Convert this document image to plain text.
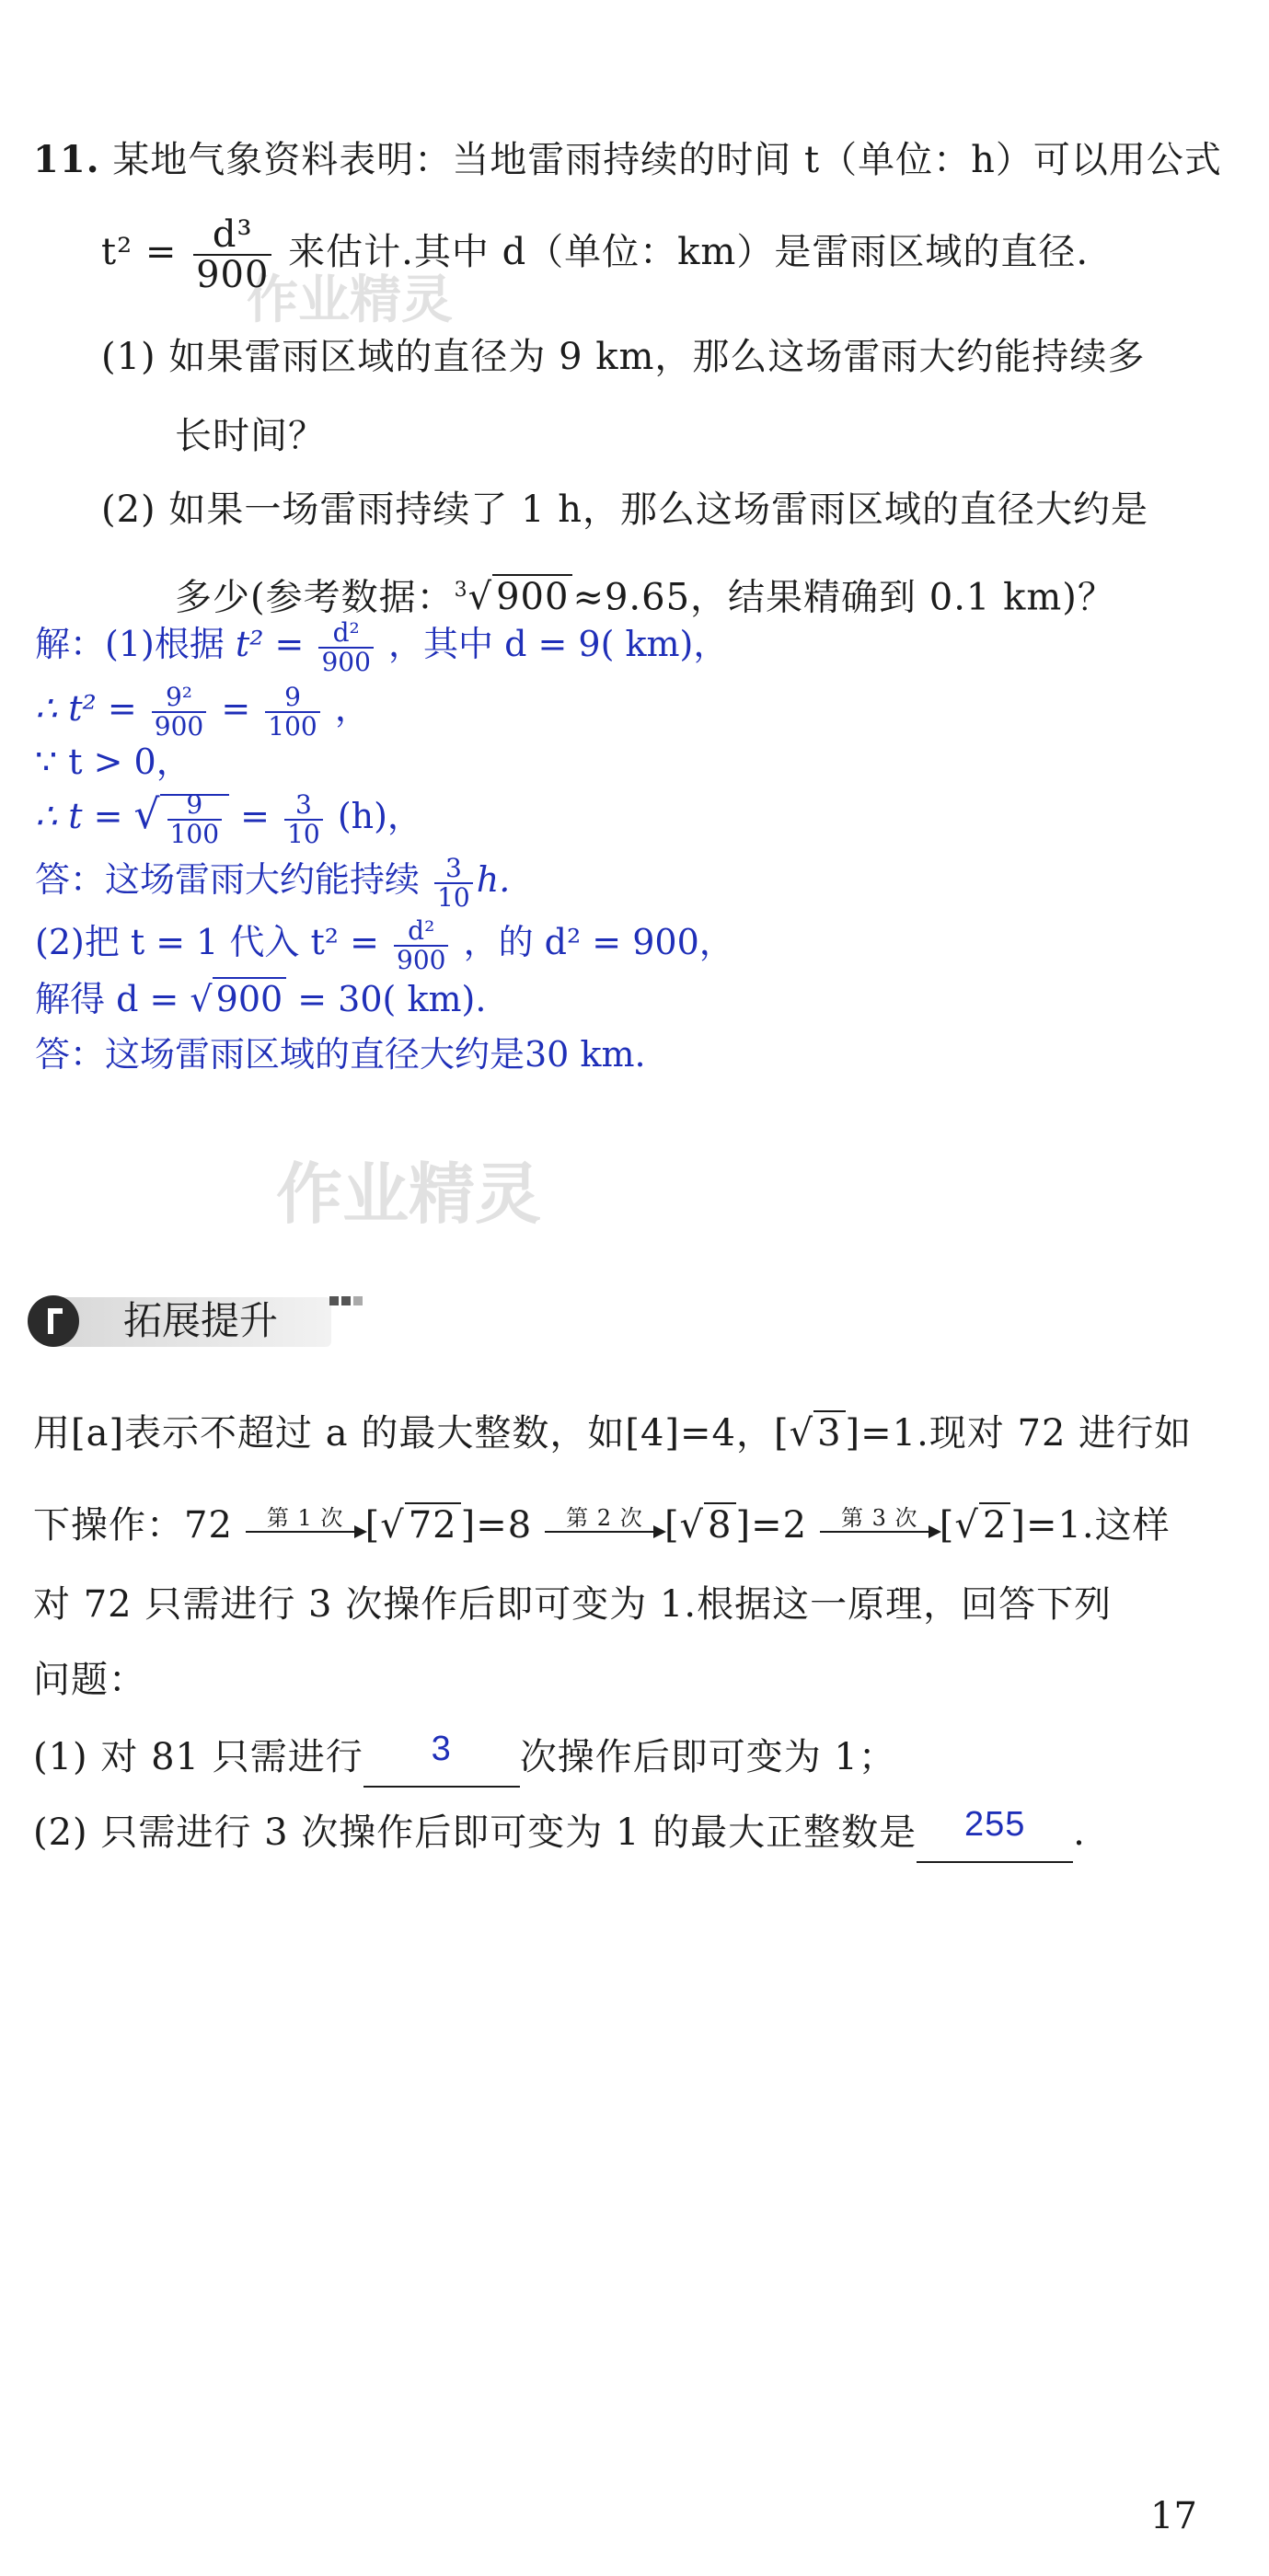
作业精灵
作业精灵
11. 某地气象资料表明：当地雷雨持续的时间 t（单位：h）可以用公式
$t^2 = \frac{\text{d³}}{900}$ 来估计.其中 d（单位：km）是雷雨区域的直径.
(1) 如果雷雨区域的直径为 9 km，那么这场雷雨大约能持续多
长时间？
(2) 如果一场雷雨持续了 1 h，那么这场雷雨区域的直径大约是
多少(参考数据：$^3$√ 900 ≈9.65，结果精确到 0.1 km)？
解：(1)根据 $t^2 = \frac{\text{d²}}{900}$ ，其中 d = 9( km)，
∴ $t^2 = \frac{\text{9²}}{900} = \frac{9}{100}$ ，
∵ t > 0，
∴ t = √ $\frac{9}{100} = \frac{3}{10} (h)$，
答：这场雷雨大约能持续 $\frac{3}{10} h$.
(2)把 t = 1 代入 $t^2 = \frac{\text{d²}}{900}$ ，的 d² = 900，
解得 d = √ 900 = 30( km).
答：这场雷雨区域的直径大约是30 km.
拓展提升
用[a]表示不超过 a 的最大整数，如[4]=4，[√ 3 ]=1.现对 72 进行如
下操作：72	第 1 次 [√ 72 ]=8	第 2 次 [√ 8 ]=2	第 3 次 [√ 2 ]=1.这样
对 72 只需进行 3 次操作后即可变为 1.根据这一原理，回答下列
问题：
(1) 对 81 只需进行 3 次操作后即可变为 1；
(2) 只需进行 3 次操作后即可变为 1 的最大正整数是 255 .
17
